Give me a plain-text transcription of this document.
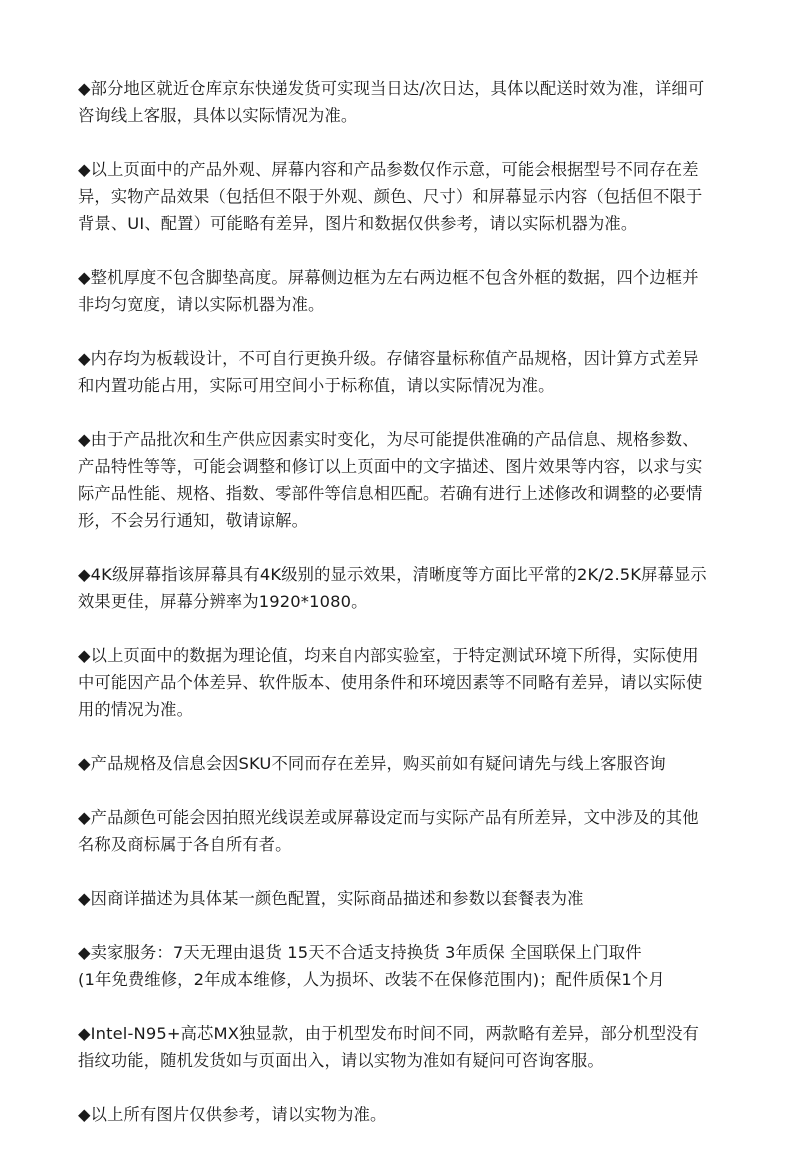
◆部分地区就近仓库京东快递发货可实现当日达/次日达，具体以配送时效为准，详细可
咨询线上客服，具体以实际情况为准。
◆以上页面中的产品外观、屏幕内容和产品参数仅作示意，可能会根据型号不同存在差
异，实物产品效果（包括但不限于外观、颜色、尺寸）和屏幕显示内容（包括但不限于
背景、UI、配置）可能略有差异，图片和数据仅供参考，请以实际机器为准。
◆整机厚度不包含脚垫高度。屏幕侧边框为左右两边框不包含外框的数据，四个边框并
非均匀宽度，请以实际机器为准。
◆内存均为板载设计，不可自行更换升级。存储容量标称值产品规格，因计算方式差异
和内置功能占用，实际可用空间小于标称值，请以实际情况为准。
◆由于产品批次和生产供应因素实时变化，为尽可能提供准确的产品信息、规格参数、
产品特性等等，可能会调整和修订以上页面中的文字描述、图片效果等内容，以求与实
际产品性能、规格、指数、零部件等信息相匹配。若确有进行上述修改和调整的必要情
形，不会另行通知，敬请谅解。
◆4K级屏幕指该屏幕具有4K级别的显示效果，清晰度等方面比平常的2K/2.5K屏幕显示
效果更佳，屏幕分辨率为1920*1080。
◆以上页面中的数据为理论值，均来自内部实验室，于特定测试环境下所得，实际使用
中可能因产品个体差异、软件版本、使用条件和环境因素等不同略有差异，请以实际使
用的情况为准。
◆产品规格及信息会因SKU不同而存在差异，购买前如有疑问请先与线上客服咨询
◆产品颜色可能会因拍照光线误差或屏幕设定而与实际产品有所差异，文中涉及的其他
名称及商标属于各自所有者。
◆因商详描述为具体某一颜色配置，实际商品描述和参数以套餐表为准
◆卖家服务：7天无理由退货 15天不合适支持换货 3年质保 全国联保上门取件
(1年免费维修，2年成本维修，人为损坏、改装不在保修范围内)；配件质保1个月
◆Intel-N95+高芯MX独显款，由于机型发布时间不同，两款略有差异，部分机型没有
指纹功能，随机发货如与页面出入，请以实物为准如有疑问可咨询客服。
◆以上所有图片仅供参考，请以实物为准。
